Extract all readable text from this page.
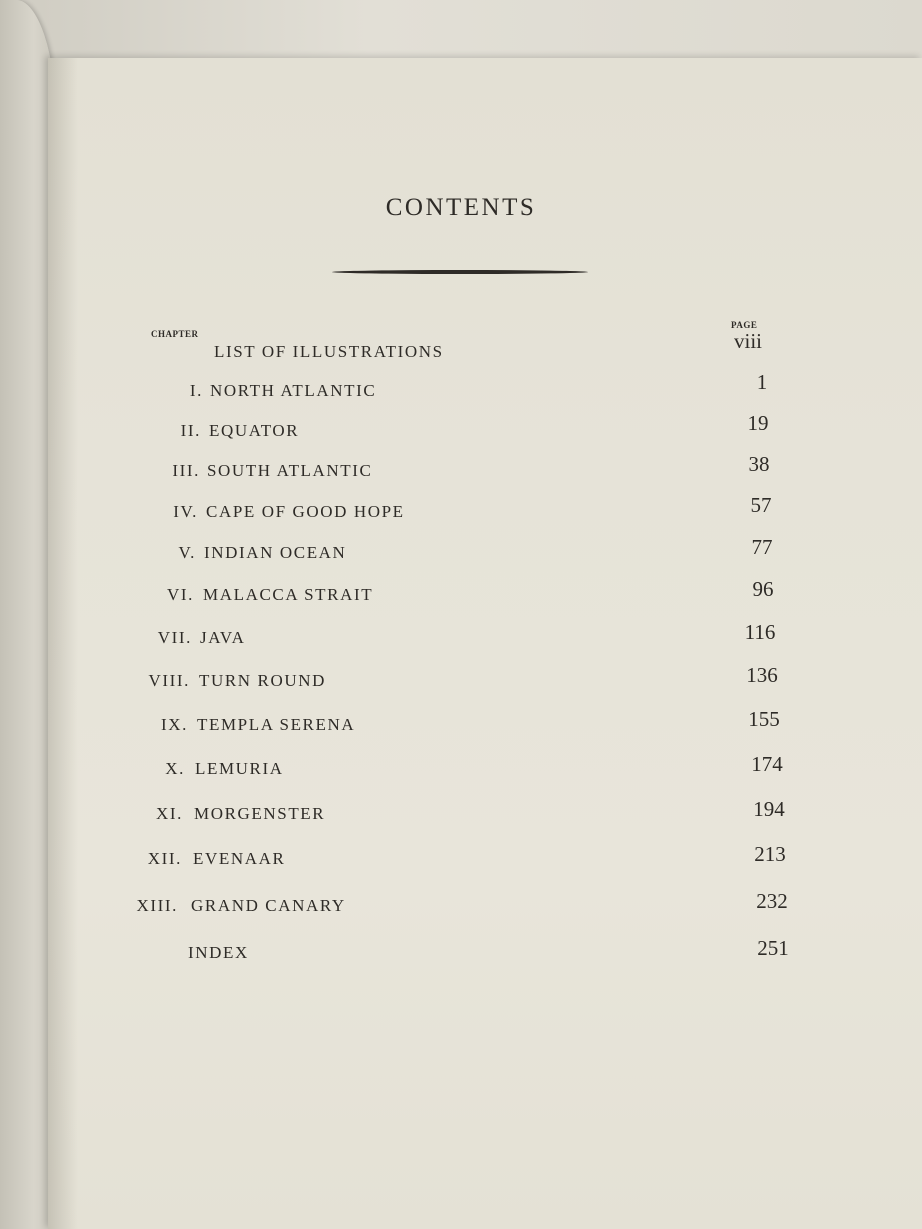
CONTENTS
CHAPTER
PAGE
LIST OF ILLUSTRATIONS	viii
I. NORTH ATLANTIC	1
II. EQUATOR	19
III. SOUTH ATLANTIC	38
IV. CAPE OF GOOD HOPE	57
V. INDIAN OCEAN	77
VI. MALACCA STRAIT	96
VII. JAVA	116
VIII. TURN ROUND	136
IX. TEMPLA SERENA	155
X. LEMURIA	174
XI. MORGENSTER	194
XII. EVENAAR	213
XIII. GRAND CANARY	232
INDEX	251
